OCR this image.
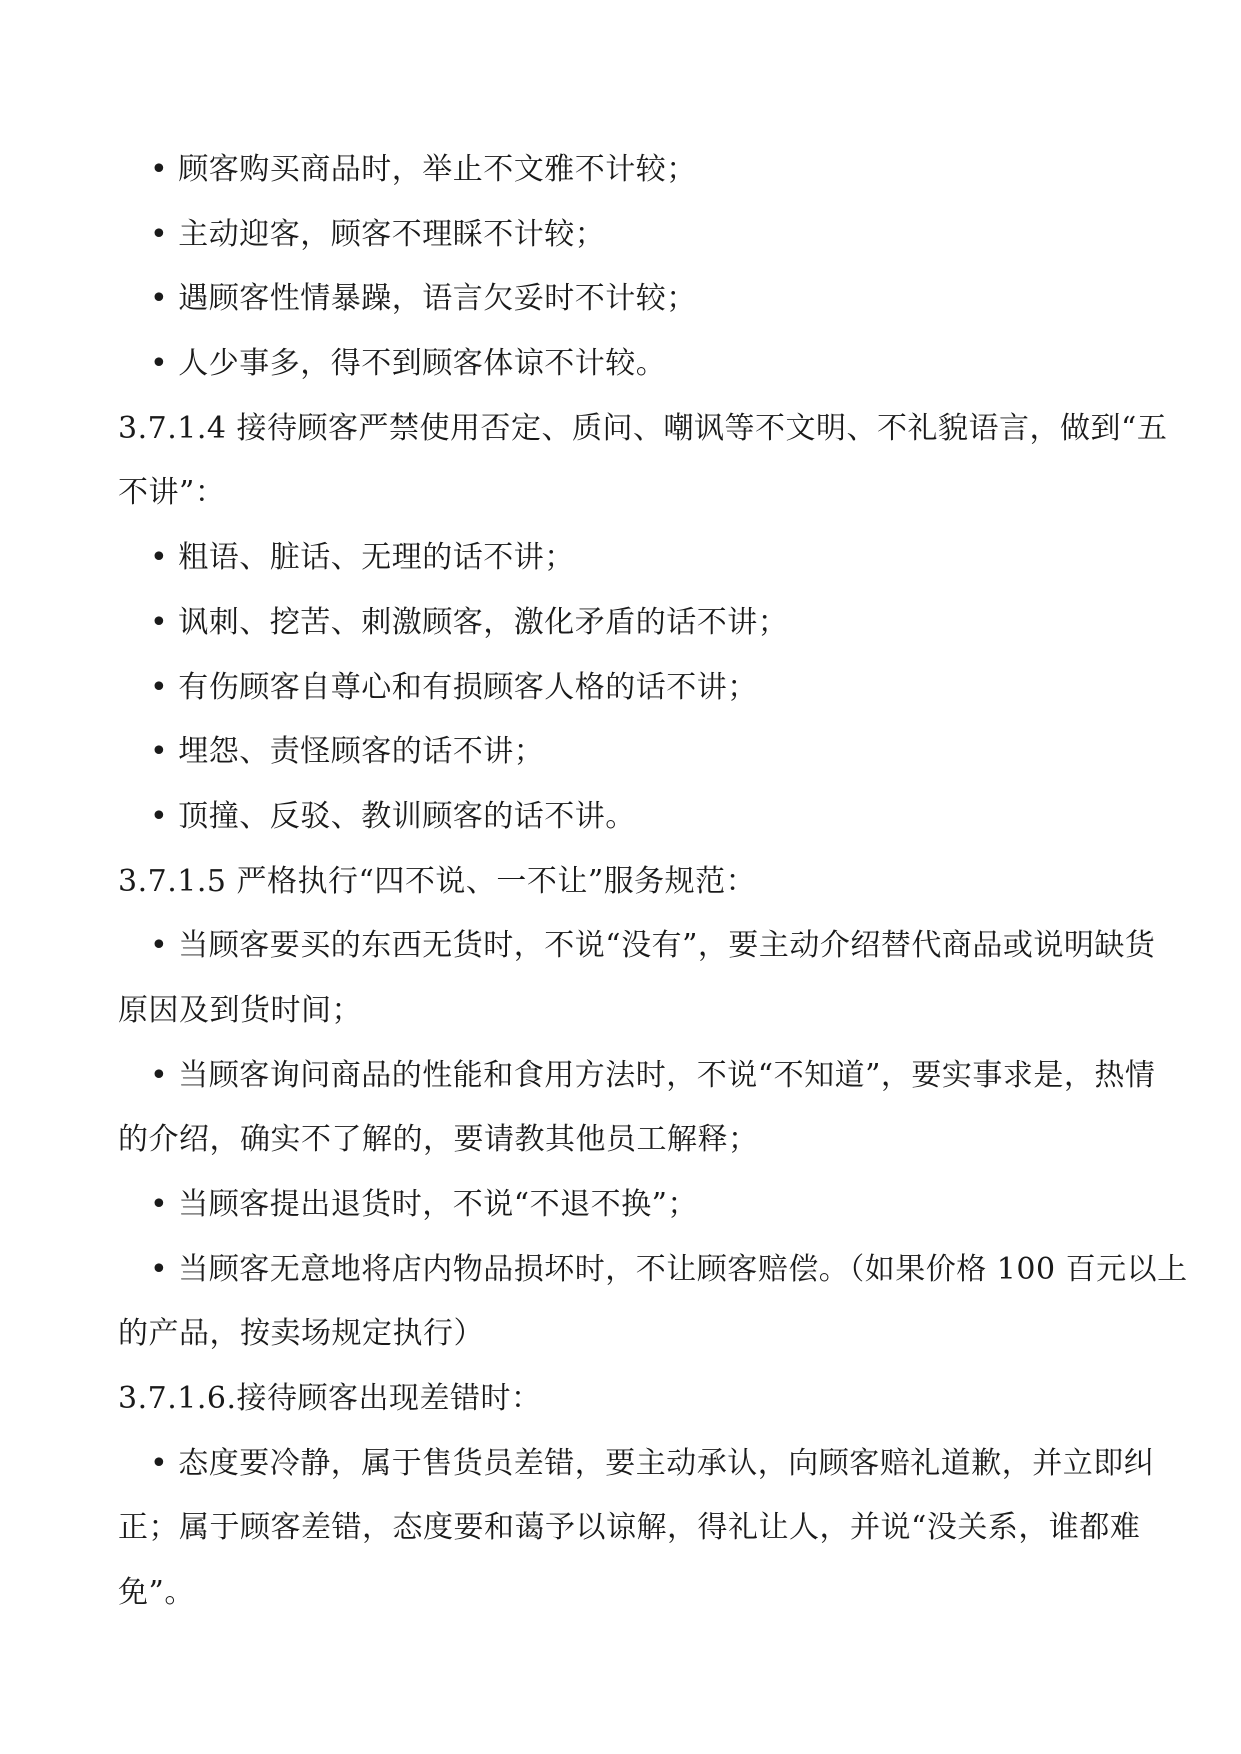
• 顾客购买商品时，举止不文雅不计较；
• 主动迎客，顾客不理睬不计较；
• 遇顾客性情暴躁，语言欠妥时不计较；
• 人少事多，得不到顾客体谅不计较。
3.7.1.4 接待顾客严禁使用否定、质问、嘲讽等不文明、不礼貌语言，做到“五
不讲”：
• 粗语、脏话、无理的话不讲；
• 讽刺、挖苦、刺激顾客，激化矛盾的话不讲；
• 有伤顾客自尊心和有损顾客人格的话不讲；
• 埋怨、责怪顾客的话不讲；
• 顶撞、反驳、教训顾客的话不讲。
3.7.1.5 严格执行“四不说、一不让”服务规范：
• 当顾客要买的东西无货时，不说“没有”，要主动介绍替代商品或说明缺货
原因及到货时间；
• 当顾客询问商品的性能和食用方法时，不说“不知道”，要实事求是，热情
的介绍，确实不了解的，要请教其他员工解释；
• 当顾客提出退货时，不说“不退不换”；
• 当顾客无意地将店内物品损坏时，不让顾客赔偿。（如果价格 100 百元以上
的产品，按卖场规定执行）
3.7.1.6.接待顾客出现差错时：
• 态度要冷静，属于售货员差错，要主动承认，向顾客赔礼道歉，并立即纠
正；属于顾客差错，态度要和蔼予以谅解，得礼让人，并说“没关系，谁都难
免”。
